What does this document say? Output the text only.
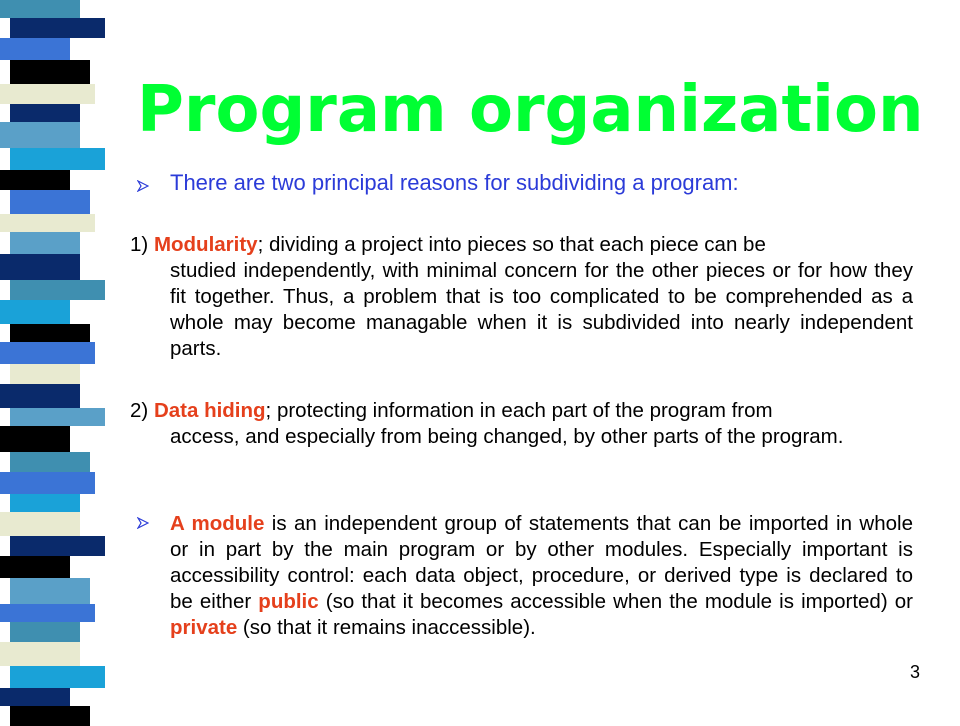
Program organization
There are two principal reasons for subdividing a program:
1) Modularity; dividing a project into pieces so that each piece can be
studied independently, with minimal concern for the other pieces or for how they fit together. Thus, a problem that is too complicated to be comprehended as a whole may become managable when it is subdivided into nearly independent parts.
2) Data hiding; protecting information in each part of the program from
access, and especially from being changed, by other parts of the program.
A module is an independent group of statements that can be imported in whole or in part by the main program or by other modules. Especially important is accessibility control: each data object, procedure, or derived type is declared to be either public (so that it becomes accessible when the module is imported) or private (so that it remains inaccessible).
3
